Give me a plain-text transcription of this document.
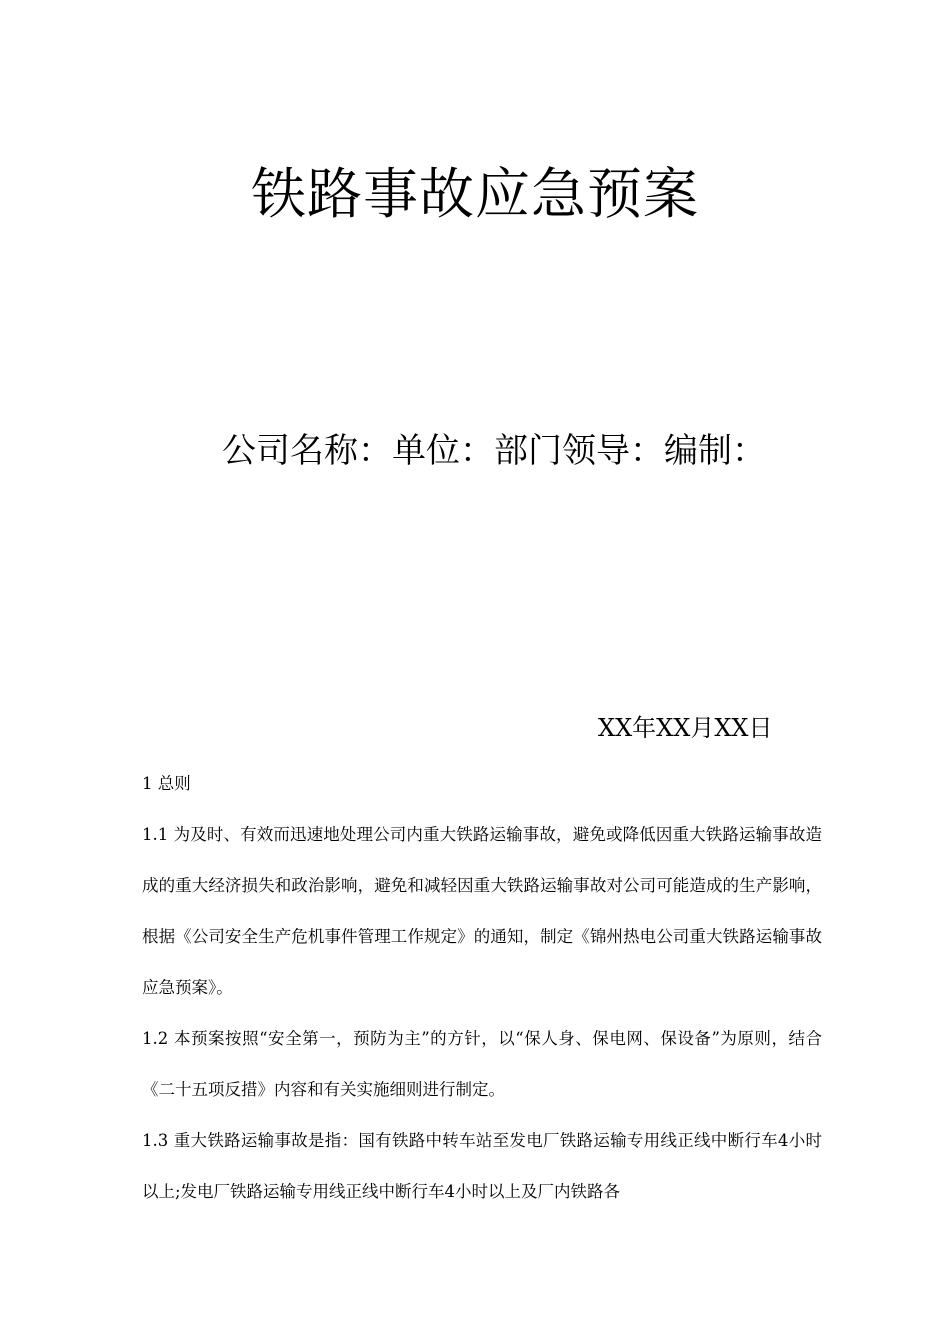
铁路事故应急预案
公司名称：单位：部门领导：编制：
XX年XX月XX日

1 总则

1.1 为及时、有效而迅速地处理公司内重大铁路运输事故，避免或降低因重大铁路运输事故造成的重大经济损失和政治影响，避免和减轻因重大铁路运输事故对公司可能造成的生产影响，根据《公司安全生产危机事件管理工作规定》的通知，制定《锦州热电公司重大铁路运输事故应急预案》。

1.2 本预案按照“安全第一，预防为主”的方针，以“保人身、保电网、保设备”为原则，结合《二十五项反措》内容和有关实施细则进行制定。

1.3 重大铁路运输事故是指：国有铁路中转车站至发电厂铁路运输专用线正线中断行车4小时以上;发电厂铁路运输专用线正线中断行车4小时以上及厂内铁路各
